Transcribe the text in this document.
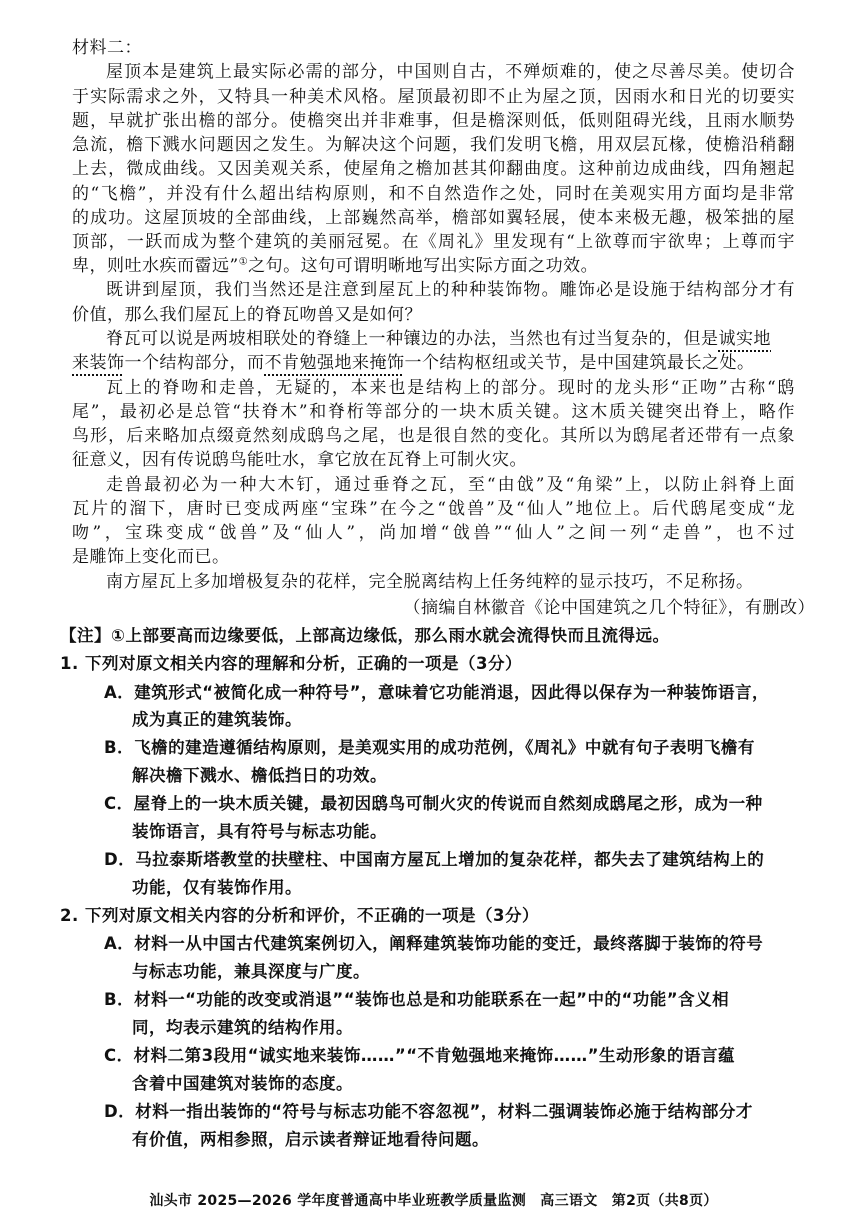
材料二：
屋顶本是建筑上最实际必需的部分，中国则自古，不殚烦难的，使之尽善尽美。使切合
于实际需求之外，又特具一种美术风格。屋顶最初即不止为屋之顶，因雨水和日光的切要实
题，早就扩张出檐的部分。使檐突出并非难事，但是檐深则低，低则阻碍光线，且雨水顺势
急流，檐下溅水问题因之发生。为解决这个问题，我们发明飞檐，用双层瓦椽，使檐沿稍翻
上去，微成曲线。又因美观关系，使屋角之檐加甚其仰翻曲度。这种前边成曲线，四角翘起
的“飞檐”，并没有什么超出结构原则，和不自然造作之处，同时在美观实用方面均是非常
的成功。这屋顶坡的全部曲线，上部巍然高举，檐部如翼轻展，使本来极无趣，极笨拙的屋
顶部，一跃而成为整个建筑的美丽冠冕。在《周礼》里发现有“上欲尊而宇欲卑；上尊而宇
卑，则吐水疾而霤远”①之句。这句可谓明晰地写出实际方面之功效。
既讲到屋顶，我们当然还是注意到屋瓦上的种种装饰物。雕饰必是设施于结构部分才有
价值，那么我们屋瓦上的脊瓦吻兽又是如何？
脊瓦可以说是两坡相联处的脊缝上一种镶边的办法，当然也有过当复杂的，但是诚实地
来装饰一个结构部分，而不肯勉强地来掩饰一个结构枢纽或关节，是中国建筑最长之处。
瓦上的脊吻和走兽，无疑的，本来也是结构上的部分。现时的龙头形“正吻”古称“鸱
尾”，最初必是总管“扶脊木”和脊桁等部分的一块木质关键。这木质关键突出脊上，略作
鸟形，后来略加点缀竟然刻成鸱鸟之尾，也是很自然的变化。其所以为鸱尾者还带有一点象
征意义，因有传说鸱鸟能吐水，拿它放在瓦脊上可制火灾。
走兽最初必为一种大木钉，通过垂脊之瓦，至“由戗”及“角梁”上，以防止斜脊上面
瓦片的溜下，唐时已变成两座“宝珠”在今之“戗兽”及“仙人”地位上。后代鸱尾变成“龙
吻”，宝珠变成“戗兽”及“仙人”，尚加增“戗兽”“仙人”之间一列“走兽”，也不过
是雕饰上变化而已。
南方屋瓦上多加增极复杂的花样，完全脱离结构上任务纯粹的显示技巧，不足称扬。
（摘编自林徽音《论中国建筑之几个特征》，有删改）
【注】①上部要高而边缘要低，上部高边缘低，那么雨水就会流得快而且流得远。
1. 下列对原文相关内容的理解和分析，正确的一项是（3分）
A．建筑形式“被简化成一种符号”，意味着它功能消退，因此得以保存为一种装饰语言，
成为真正的建筑装饰。
B．飞檐的建造遵循结构原则，是美观实用的成功范例，《周礼》中就有句子表明飞檐有
解决檐下溅水、檐低挡日的功效。
C．屋脊上的一块木质关键，最初因鸱鸟可制火灾的传说而自然刻成鸱尾之形，成为一种
装饰语言，具有符号与标志功能。
D．马拉泰斯塔教堂的扶壁柱、中国南方屋瓦上增加的复杂花样，都失去了建筑结构上的
功能，仅有装饰作用。
2. 下列对原文相关内容的分析和评价，不正确的一项是（3分）
A．材料一从中国古代建筑案例切入，阐释建筑装饰功能的变迁，最终落脚于装饰的符号
与标志功能，兼具深度与广度。
B．材料一“功能的改变或消退”“装饰也总是和功能联系在一起”中的“功能”含义相
同，均表示建筑的结构作用。
C．材料二第3段用“诚实地来装饰……”“不肯勉强地来掩饰……”生动形象的语言蕴
含着中国建筑对装饰的态度。
D．材料一指出装饰的“符号与标志功能不容忽视”，材料二强调装饰必施于结构部分才
有价值，两相参照，启示读者辩证地看待问题。
汕头市 2025—2026 学年度普通高中毕业班教学质量监测　高三语文　第2页（共8页）
